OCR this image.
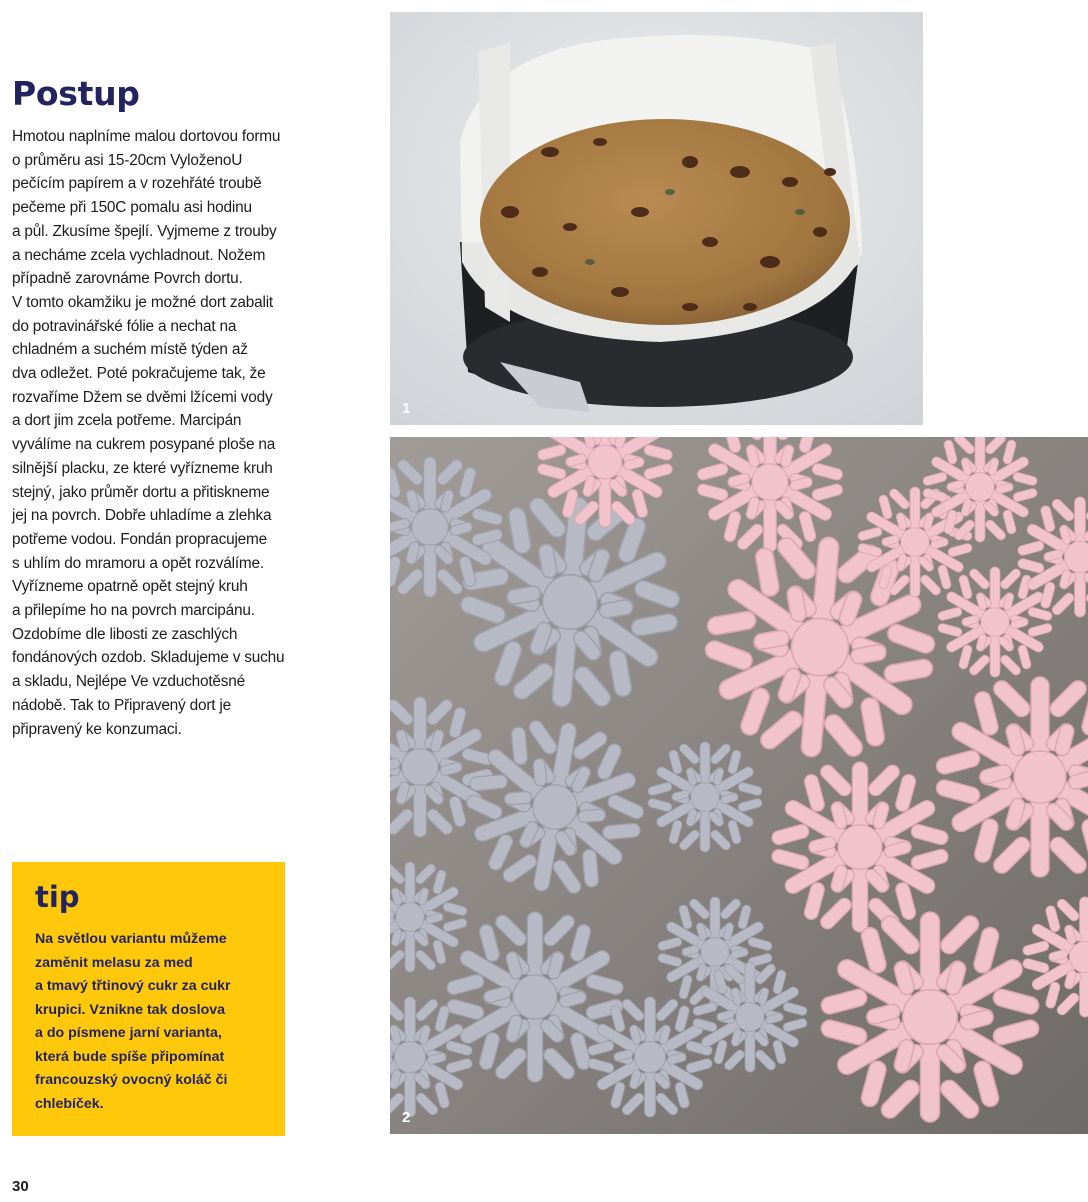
Postup
Hmotou naplníme malou dortovou formu
o průměru asi 15-20cm VyloženoU
pečícím papírem a v rozehřáté troubě
pečeme při 150C pomalu asi hodinu
a půl. Zkusíme špejlí. Vyjmeme z trouby
a necháme zcela vychladnout. Nožem
případně zarovnáme Povrch dortu.
V tomto okamžiku je možné dort zabalit
do potravinářské fólie a nechat na
chladném a suchém místě týden až
dva odležet. Poté pokračujeme tak, že
rozvaříme Džem se dvěmi lžícemi vody
a dort jim zcela potřeme. Marcipán
vyválíme na cukrem posypané ploše na
silnější placku, ze které vyřízneme kruh
stejný, jako průměr dortu a přitiskneme
jej na povrch. Dobře uhladíme a zlehka
potřeme vodou. Fondán propracujeme
s uhlím do mramoru a opět rozválíme.
Vyřízneme opatrně opět stejný kruh
a přilepíme ho na povrch marcipánu.
Ozdobíme dle libosti ze zaschlých
fondánových ozdob. Skladujeme v suchu
a skladu, Nejlépe Ve vzduchotěsné
nádobě. Tak to Připravený dort je
připravený ke konzumaci.
tip
Na světlou variantu můžeme
zaměnit melasu za med
a tmavý třtinový cukr za cukr
krupici. Vznikne tak doslova
a do písmene jarní varianta,
která bude spíše připomínat
francouzský ovocný koláč či
chlebíček.
30
1
2
